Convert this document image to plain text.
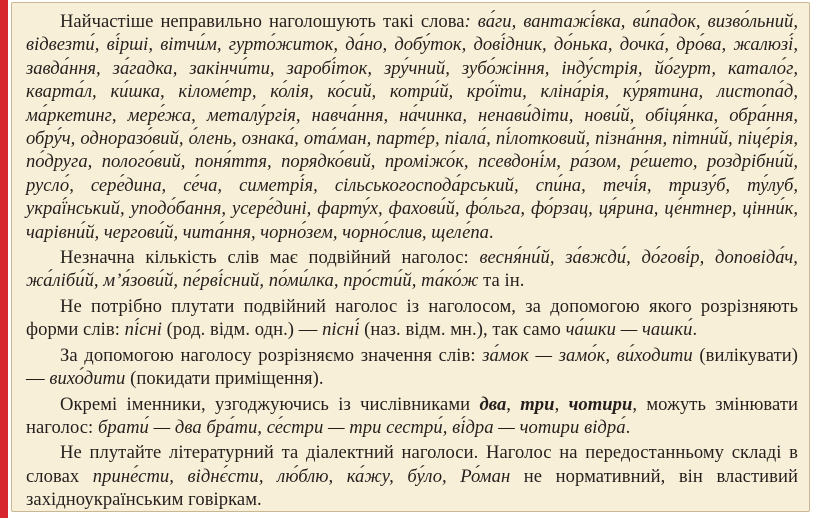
Найчастіше неправильно наголошують такі слова: ва́ги, вантажі́вка, ви́падок, визво́льний, відвезти́, ві́рші, вітчи́м, гурто́житок, да́но, добу́ток, дові́дник, до́нька, дочка́, дро́ва, жалюзі́, завда́ння, за́гадка, закінчи́ти, заробі́ток, зру́чний, зубо́жіння, інду́стрія, йо́гурт, катало́г, кварта́л, ки́шка, кіломе́тр, ко́лія, ко́сий, котри́й, кро́їти, кліна́рія, ку́рятина, листопа́д, ма́ркетинг, мере́жа, металу́ргія, навча́ння, на́чинка, ненави́діти, нови́й, обіця́нка, обра́ння, обру́ч, одноразо́вий, о́лень, ознака́, ота́ман, парте́р, піала́, пі́лотковий, пізна́ння, пітни́й, піце́рія, по́друга, полого́вий, поня́ття, порядко́вий, проміжо́к, псевдоні́м, ра́зом, ре́шето, роздрібни́й, русло́, сере́дина, се́ча, симетрі́я, сільськогоспода́рський, спи́на, течі́я, тризу́б, ту́луб, украї́нський, уподо́бання, усере́дині, фарту́х, фахови́й, фо́льга, фо́рзац, ця́рина, це́нтнер, цінни́к, чарівни́й, чергови́й, чита́ння, чорно́зем, чорно́слив, щеле́па.

Незначна кількість слів має подвійний наголос: весня́ни́й, за́вжди́, до́гові́р, доповіда́ч, жа́ліби́й, м’я́зови́й, пе́рві́сний, по́ми́лка, про́сти́й, та́ко́ж та ін.

Не потрібно плутати подвійний наголос із наголосом, за допомогою якого розрізняють форми слів: пі́сні (род. відм. одн.) — пісні́ (наз. відм. мн.), так само ча́шки — чашки́.

За допомогою наголосу розрізняємо значення слів: за́мок — замо́к, ви́ходити (вилікувати) — вихо́дити (покидати приміщення).

Окремі іменники, узгоджуючись із числівниками два, три, чотири, можуть змінювати наголос: брати́ — два бра́ти, се́стри — три сестри́, ві́дра — чотири відра́.

Не плутайте літературний та діалектний наголоси. Наголос на передостанньому складі в словах прине́сти, віднє́сти, лю́блю, ка́жу, бу́ло, Ро́ман не нормативний, він властивий західноукраїнським говіркам.
